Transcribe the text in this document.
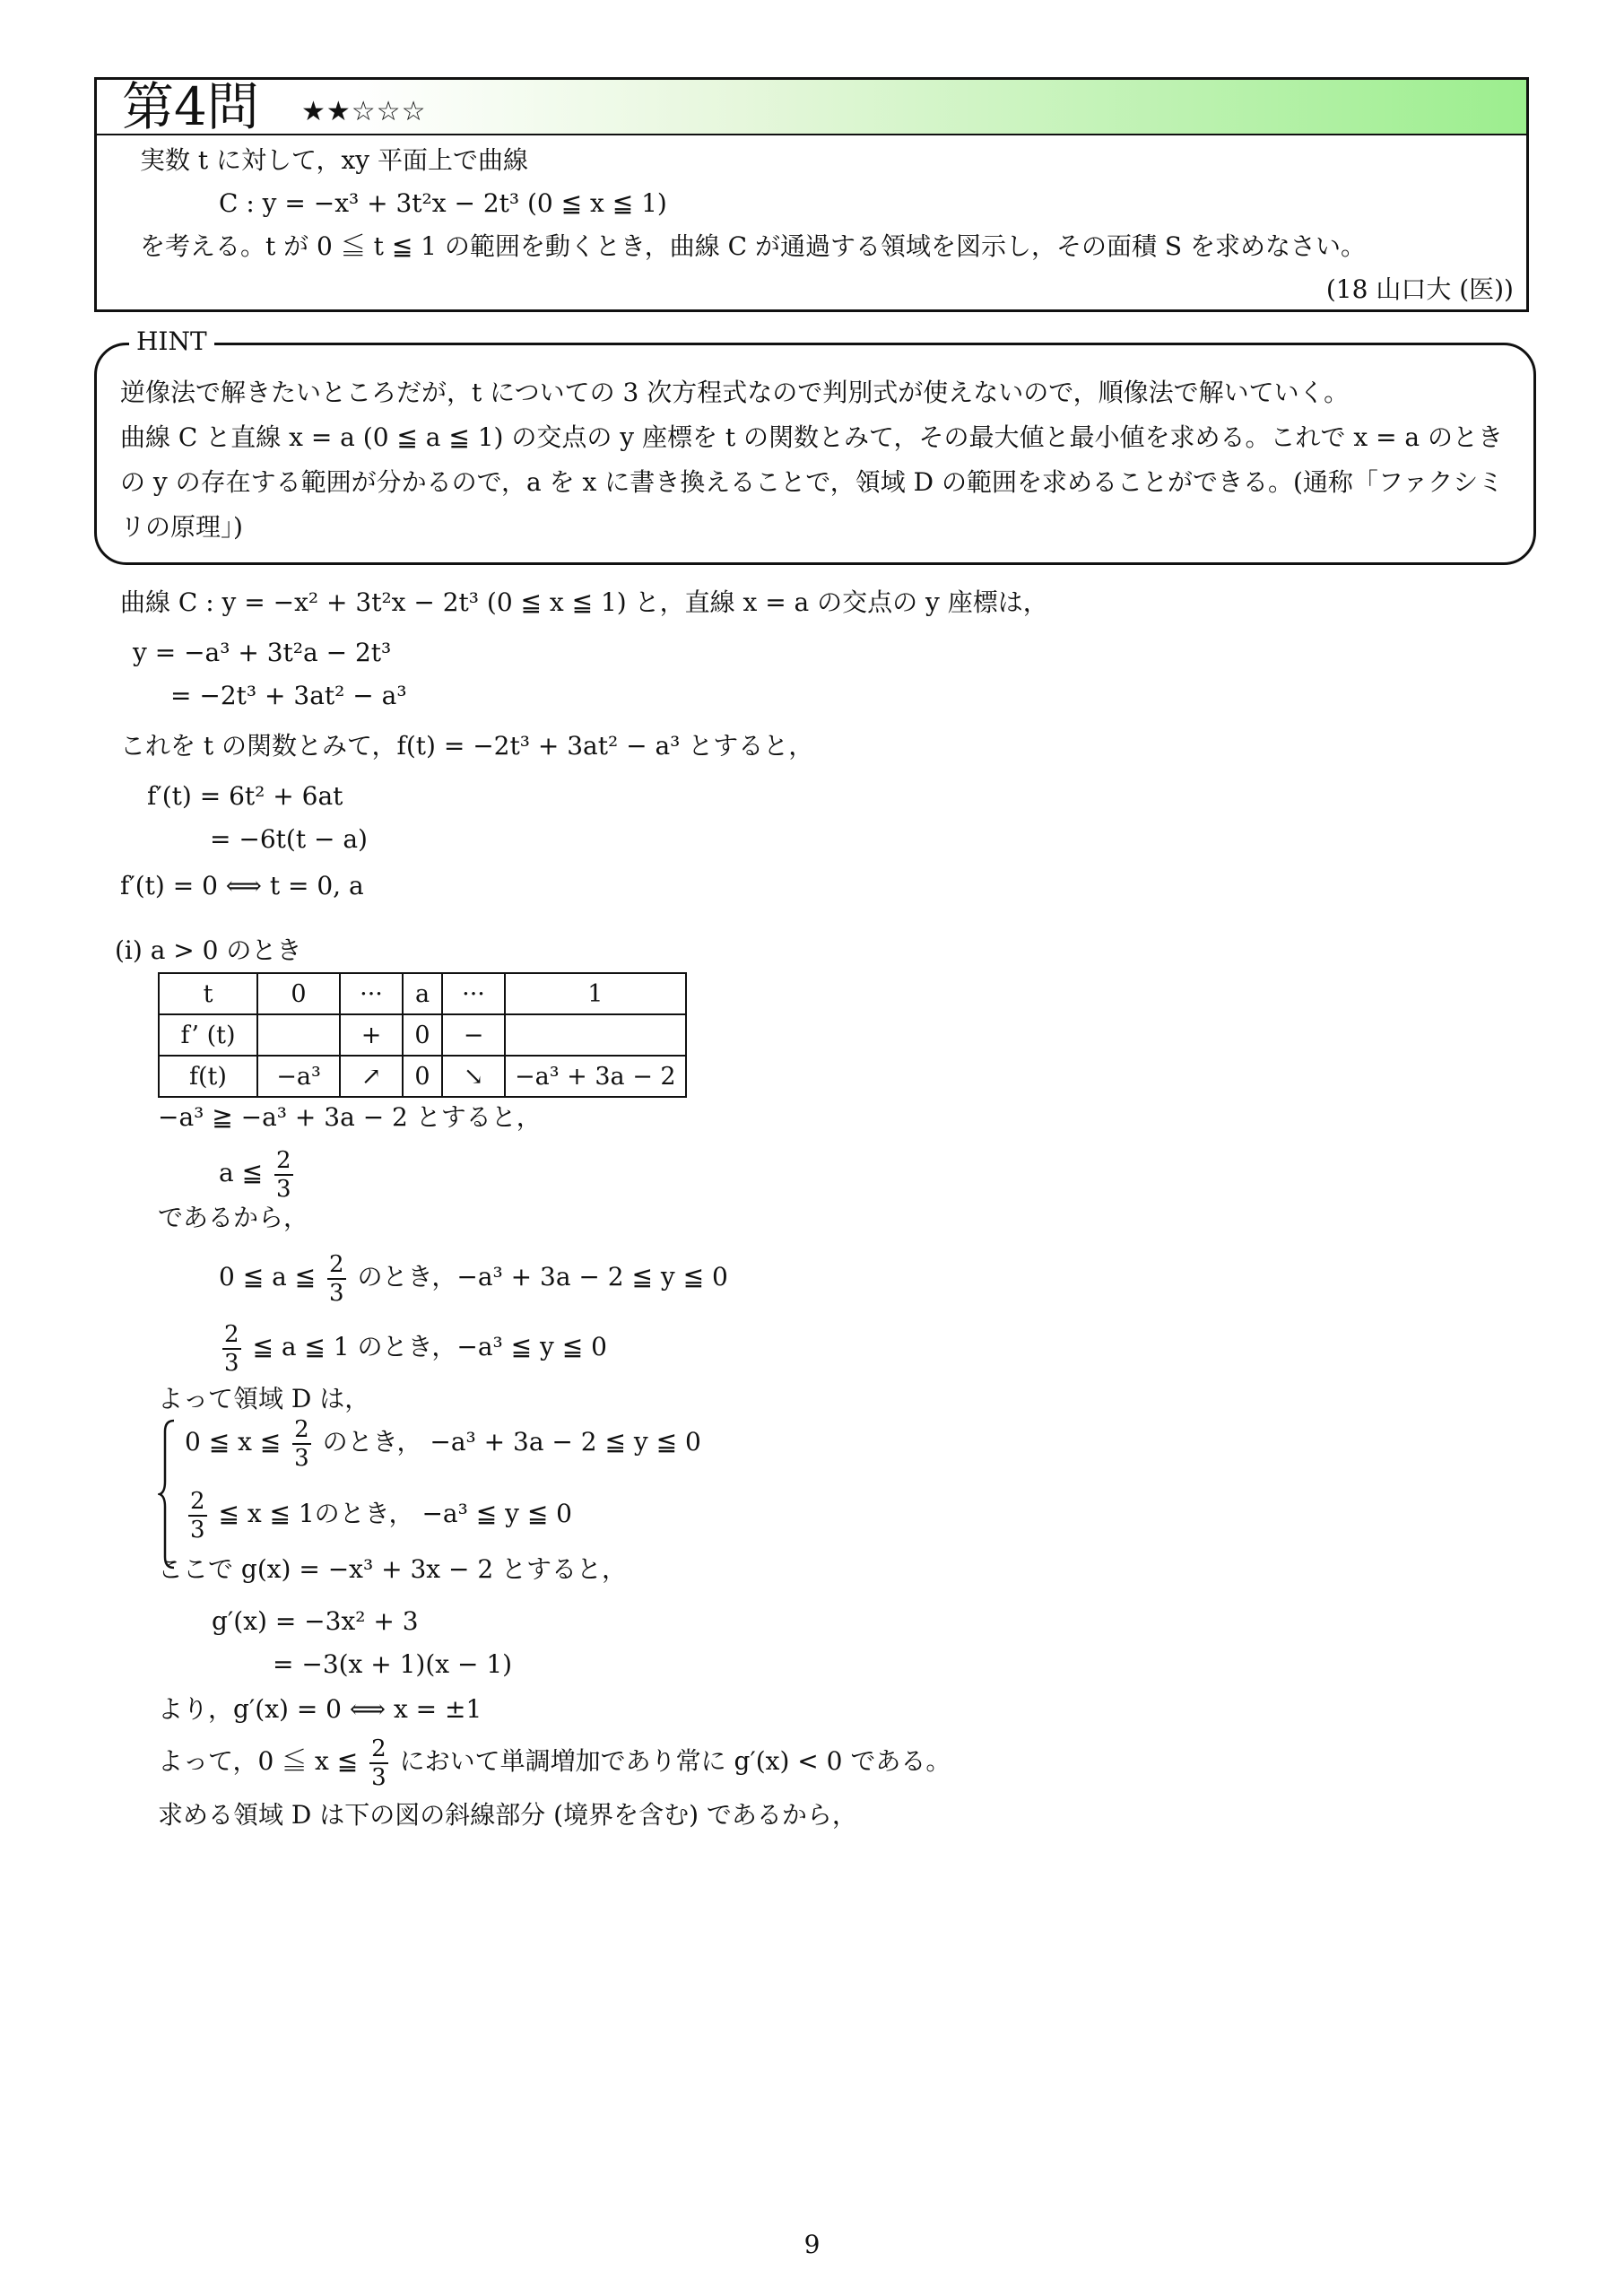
第4問 ★★☆☆☆
実数 t に対して，xy 平面上で曲線
C : y = −x³ + 3t²x − 2t³ (0 ≦ x ≦ 1)
を考える。t が 0 ≦ t ≦ 1 の範囲を動くとき，曲線 C が通過する領域を図示し，その面積 S を求めなさい。
(18 山口大 (医))
HINT
逆像法で解きたいところだが，t についての 3 次方程式なので判別式が使えないので，順像法で解いていく。
曲線 C と直線 x = a (0 ≦ a ≦ 1) の交点の y 座標を t の関数とみて，その最大値と最小値を求める。これで x = a のとき
の y の存在する範囲が分かるので，a を x に書き換えることで，領域 D の範囲を求めることができる。(通称「ファクシミ
リの原理」)
曲線 C : y = −x² + 3t²x − 2t³ (0 ≦ x ≦ 1) と，直線 x = a の交点の y 座標は，
y = −a³ + 3t²a − 2t³
= −2t³ + 3at² − a³
これを t の関数とみて，f(t) = −2t³ + 3at² − a³ とすると，
f′(t) = 6t² + 6at
= −6t(t − a)
f′(t) = 0 ⟺ t = 0, a
(i) a > 0 のとき
t	0	···	a	···	1
f’ (t)		+	0	−	
f(t)	−a³	↗	0	↘	−a³ + 3a − 2
−a³ ≧ −a³ + 3a − 2 とすると，
a ≦ $\frac{2}{3}$
であるから，
0 ≦ a ≦ $\frac{2}{3}$ のとき，−a³ + 3a − 2 ≦ y ≦ 0
$\frac{2}{3}$ ≦ a ≦ 1 のとき，−a³ ≦ y ≦ 0
よって領域 D は，
0 ≦ x ≦ $\frac{2}{3}$ のとき， −a³ + 3a − 2 ≦ y ≦ 0
$\frac{2}{3}$ ≦ x ≦ 1のとき， −a³ ≦ y ≦ 0
ここで g(x) = −x³ + 3x − 2 とすると，
g′(x) = −3x² + 3
= −3(x + 1)(x − 1)
より，g′(x) = 0 ⟺ x = ±1
よって，0 ≦ x ≦ $\frac{2}{3}$ において単調増加であり常に g′(x) < 0 である。
求める領域 D は下の図の斜線部分 (境界を含む) であるから，
9
